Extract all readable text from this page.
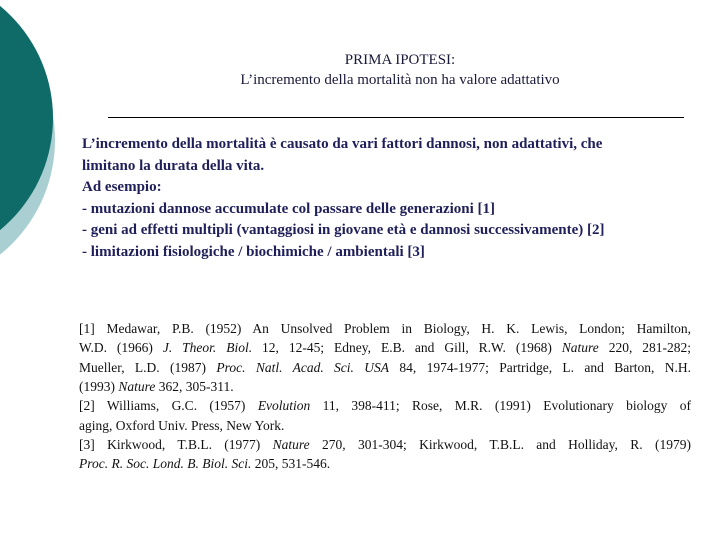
PRIMA IPOTESI:
L’incremento della mortalità non ha valore adattativo
L’incremento della mortalità è causato da vari fattori dannosi, non adattativi, che
limitano la durata della vita.
Ad esempio:
- mutazioni dannose accumulate col passare delle generazioni [1]
- geni ad effetti multipli (vantaggiosi in giovane età e dannosi successivamente) [2]
- limitazioni fisiologiche / biochimiche / ambientali [3]
[1] Medawar, P.B. (1952) An Unsolved Problem in Biology, H. K. Lewis, London; Hamilton,
W.D. (1966) J. Theor. Biol. 12, 12-45; Edney, E.B. and Gill, R.W. (1968) Nature 220, 281-282;
Mueller, L.D. (1987) Proc. Natl. Acad. Sci. USA 84, 1974-1977; Partridge, L. and Barton, N.H.
(1993) Nature 362, 305-311.
[2] Williams, G.C. (1957) Evolution 11, 398-411; Rose, M.R. (1991) Evolutionary biology of
aging, Oxford Univ. Press, New York.
[3] Kirkwood, T.B.L. (1977) Nature 270, 301-304; Kirkwood, T.B.L. and Holliday, R. (1979)
Proc. R. Soc. Lond. B. Biol. Sci. 205, 531-546.
